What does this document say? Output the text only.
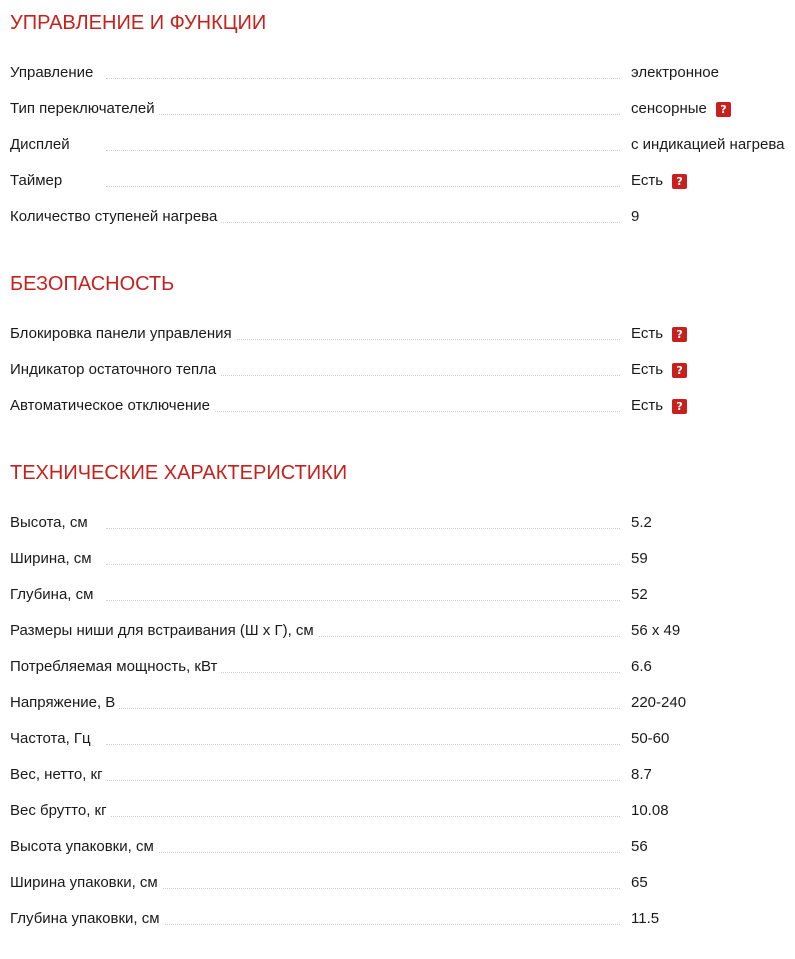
УПРАВЛЕНИЕ И ФУНКЦИИ
Управление	электронное
Тип переключателей	сенсорные	?
Дисплей	с индикацией нагрева
Таймер	Есть	?
Количество ступеней нагрева	9
БЕЗОПАСНОСТЬ
Блокировка панели управления	Есть	?
Индикатор остаточного тепла	Есть	?
Автоматическое отключение	Есть	?
ТЕХНИЧЕСКИЕ ХАРАКТЕРИСТИКИ
Высота, см	5.2
Ширина, см	59
Глубина, см	52
Размеры ниши для встраивания (Ш х Г), см	56 x 49
Потребляемая мощность, кВт	6.6
Напряжение, В	220-240
Частота, Гц	50-60
Вес, нетто, кг	8.7
Вес брутто, кг	10.08
Высота упаковки, см	56
Ширина упаковки, см	65
Глубина упаковки, см	11.5
